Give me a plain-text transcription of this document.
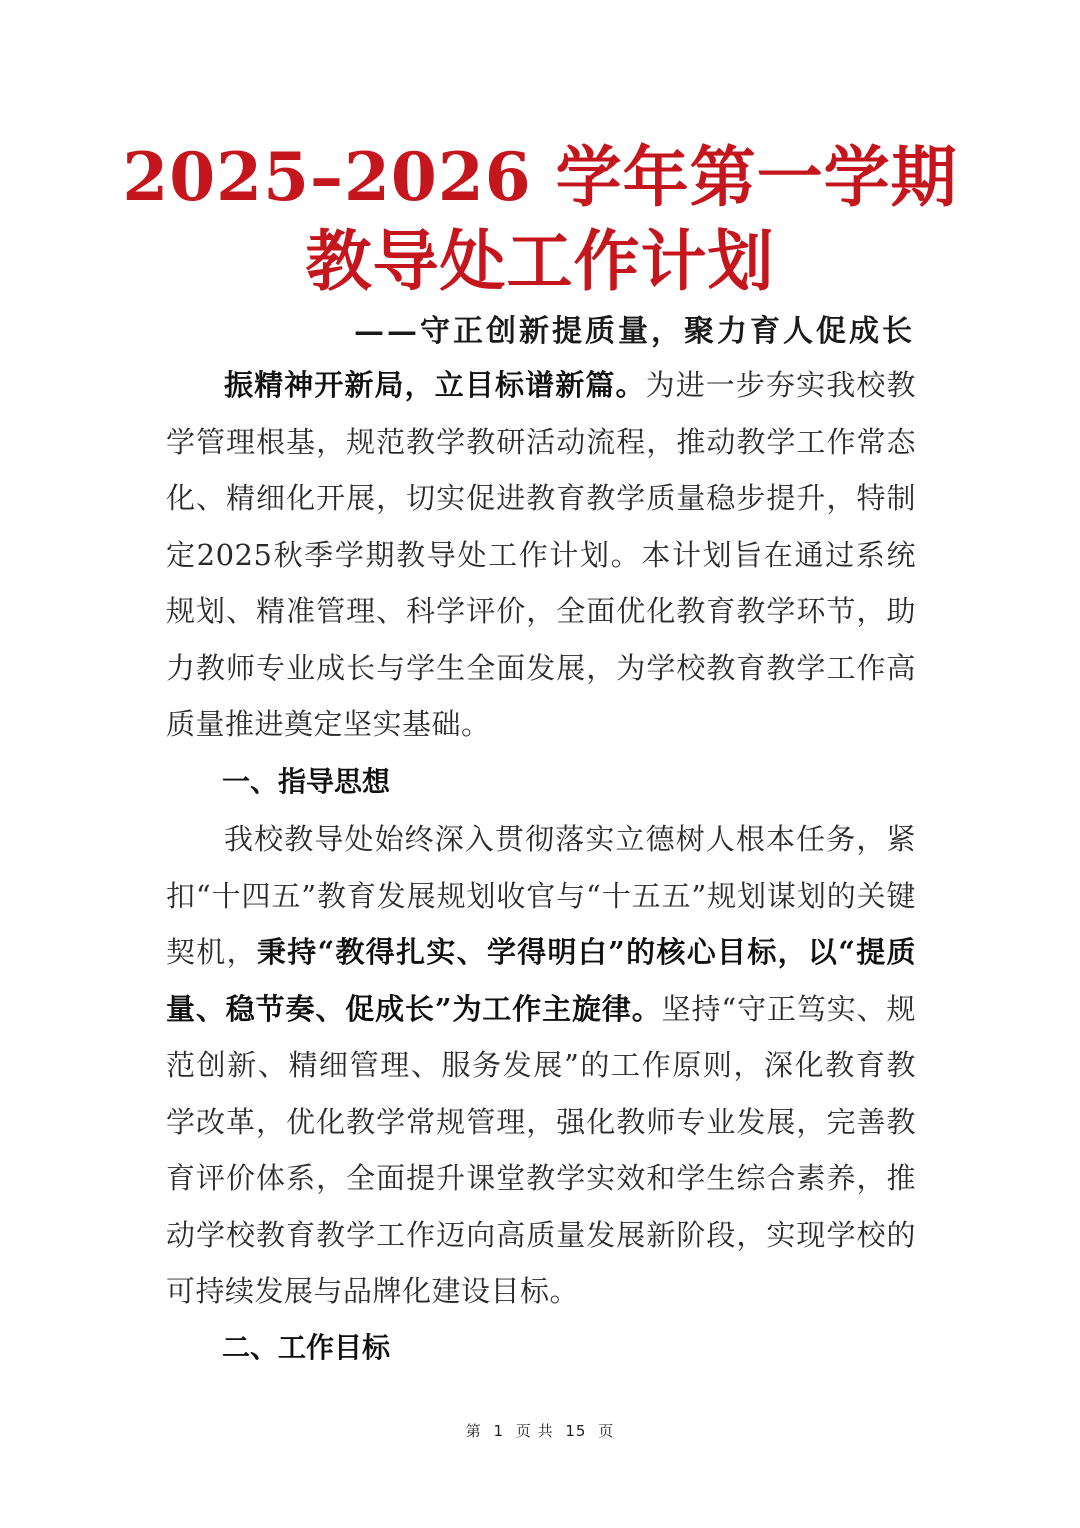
2025–2026 学年第一学期
教导处工作计划
——守正创新提质量，聚力育人促成长

振精神开新局，立目标谱新篇。为进一步夯实我校教学管理根基，规范教学教研活动流程，推动教学工作常态化、精细化开展，切实促进教育教学质量稳步提升，特制定2025秋季学期教导处工作计划。本计划旨在通过系统规划、精准管理、科学评价，全面优化教育教学环节，助力教师专业成长与学生全面发展，为学校教育教学工作高质量推进奠定坚实基础。

一、指导思想

我校教导处始终深入贯彻落实立德树人根本任务，紧扣“十四五”教育发展规划收官与“十五五”规划谋划的关键契机，秉持“教得扎实、学得明白”的核心目标，以“提质量、稳节奏、促成长”为工作主旋律。坚持“守正笃实、规范创新、精细管理、服务发展”的工作原则，深化教育教学改革，优化教学常规管理，强化教师专业发展，完善教育评价体系，全面提升课堂教学实效和学生综合素养，推动学校教育教学工作迈向高质量发展新阶段，实现学校的可持续发展与品牌化建设目标。

二、工作目标
第 1 页 共 15 页
